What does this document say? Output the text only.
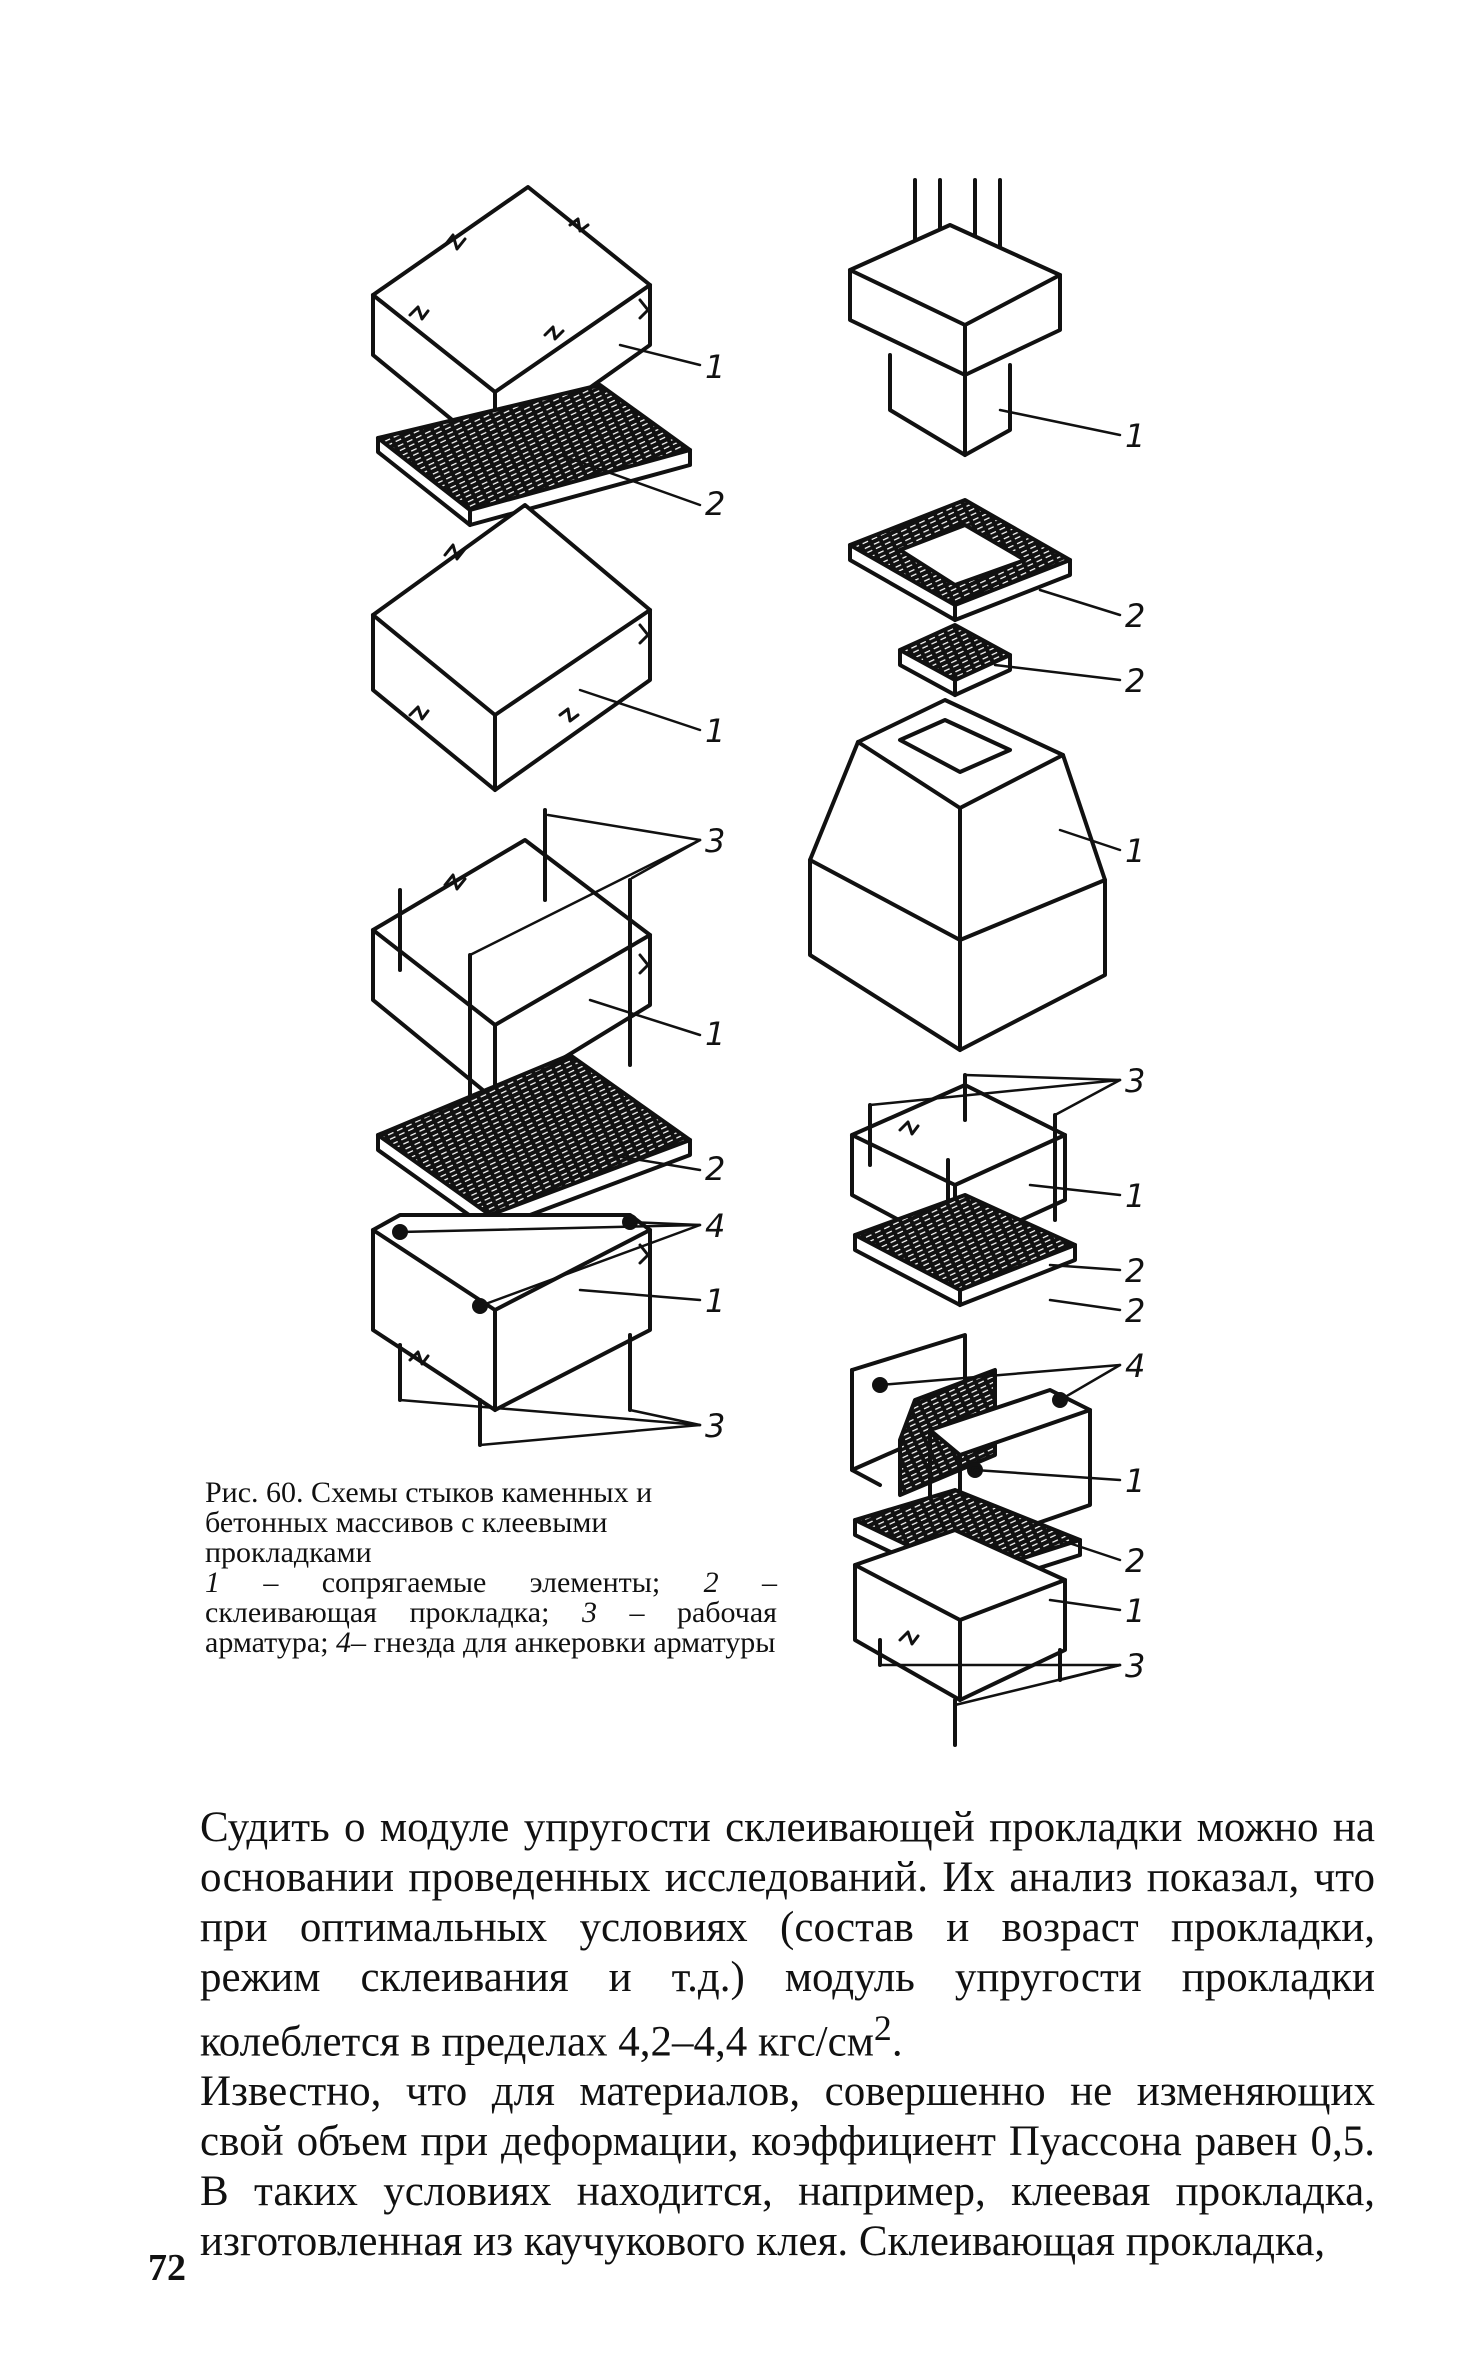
1
2
1
3
1
2
4
1
3
1
2
2
1
3
1
2
2
4
1
2
1
3
Рис. 60. Схемы стыков каменных и бетонных массивов с клеевыми прокладками
1 – сопрягаемые элементы; 2 – склеивающая прокладка; 3 – рабочая арматура; 4– гнезда для анкеровки арматуры

Судить о модуле упругости склеивающей прокладки можно на основании проведенных исследований. Их анализ показал, что при оптимальных условиях (состав и возраст прокладки, режим склеивания и т.д.) модуль упругости прокладки колеблется в пределах 4,2–4,4 кгс/$см^2$.

Известно, что для материалов, совершенно не изменяющих свой объем при деформации, коэффициент Пуассона равен 0,5. В таких условиях находится, например, клеевая прокладка, изготовленная из каучукового клея. Склеивающая прокладка,

72
